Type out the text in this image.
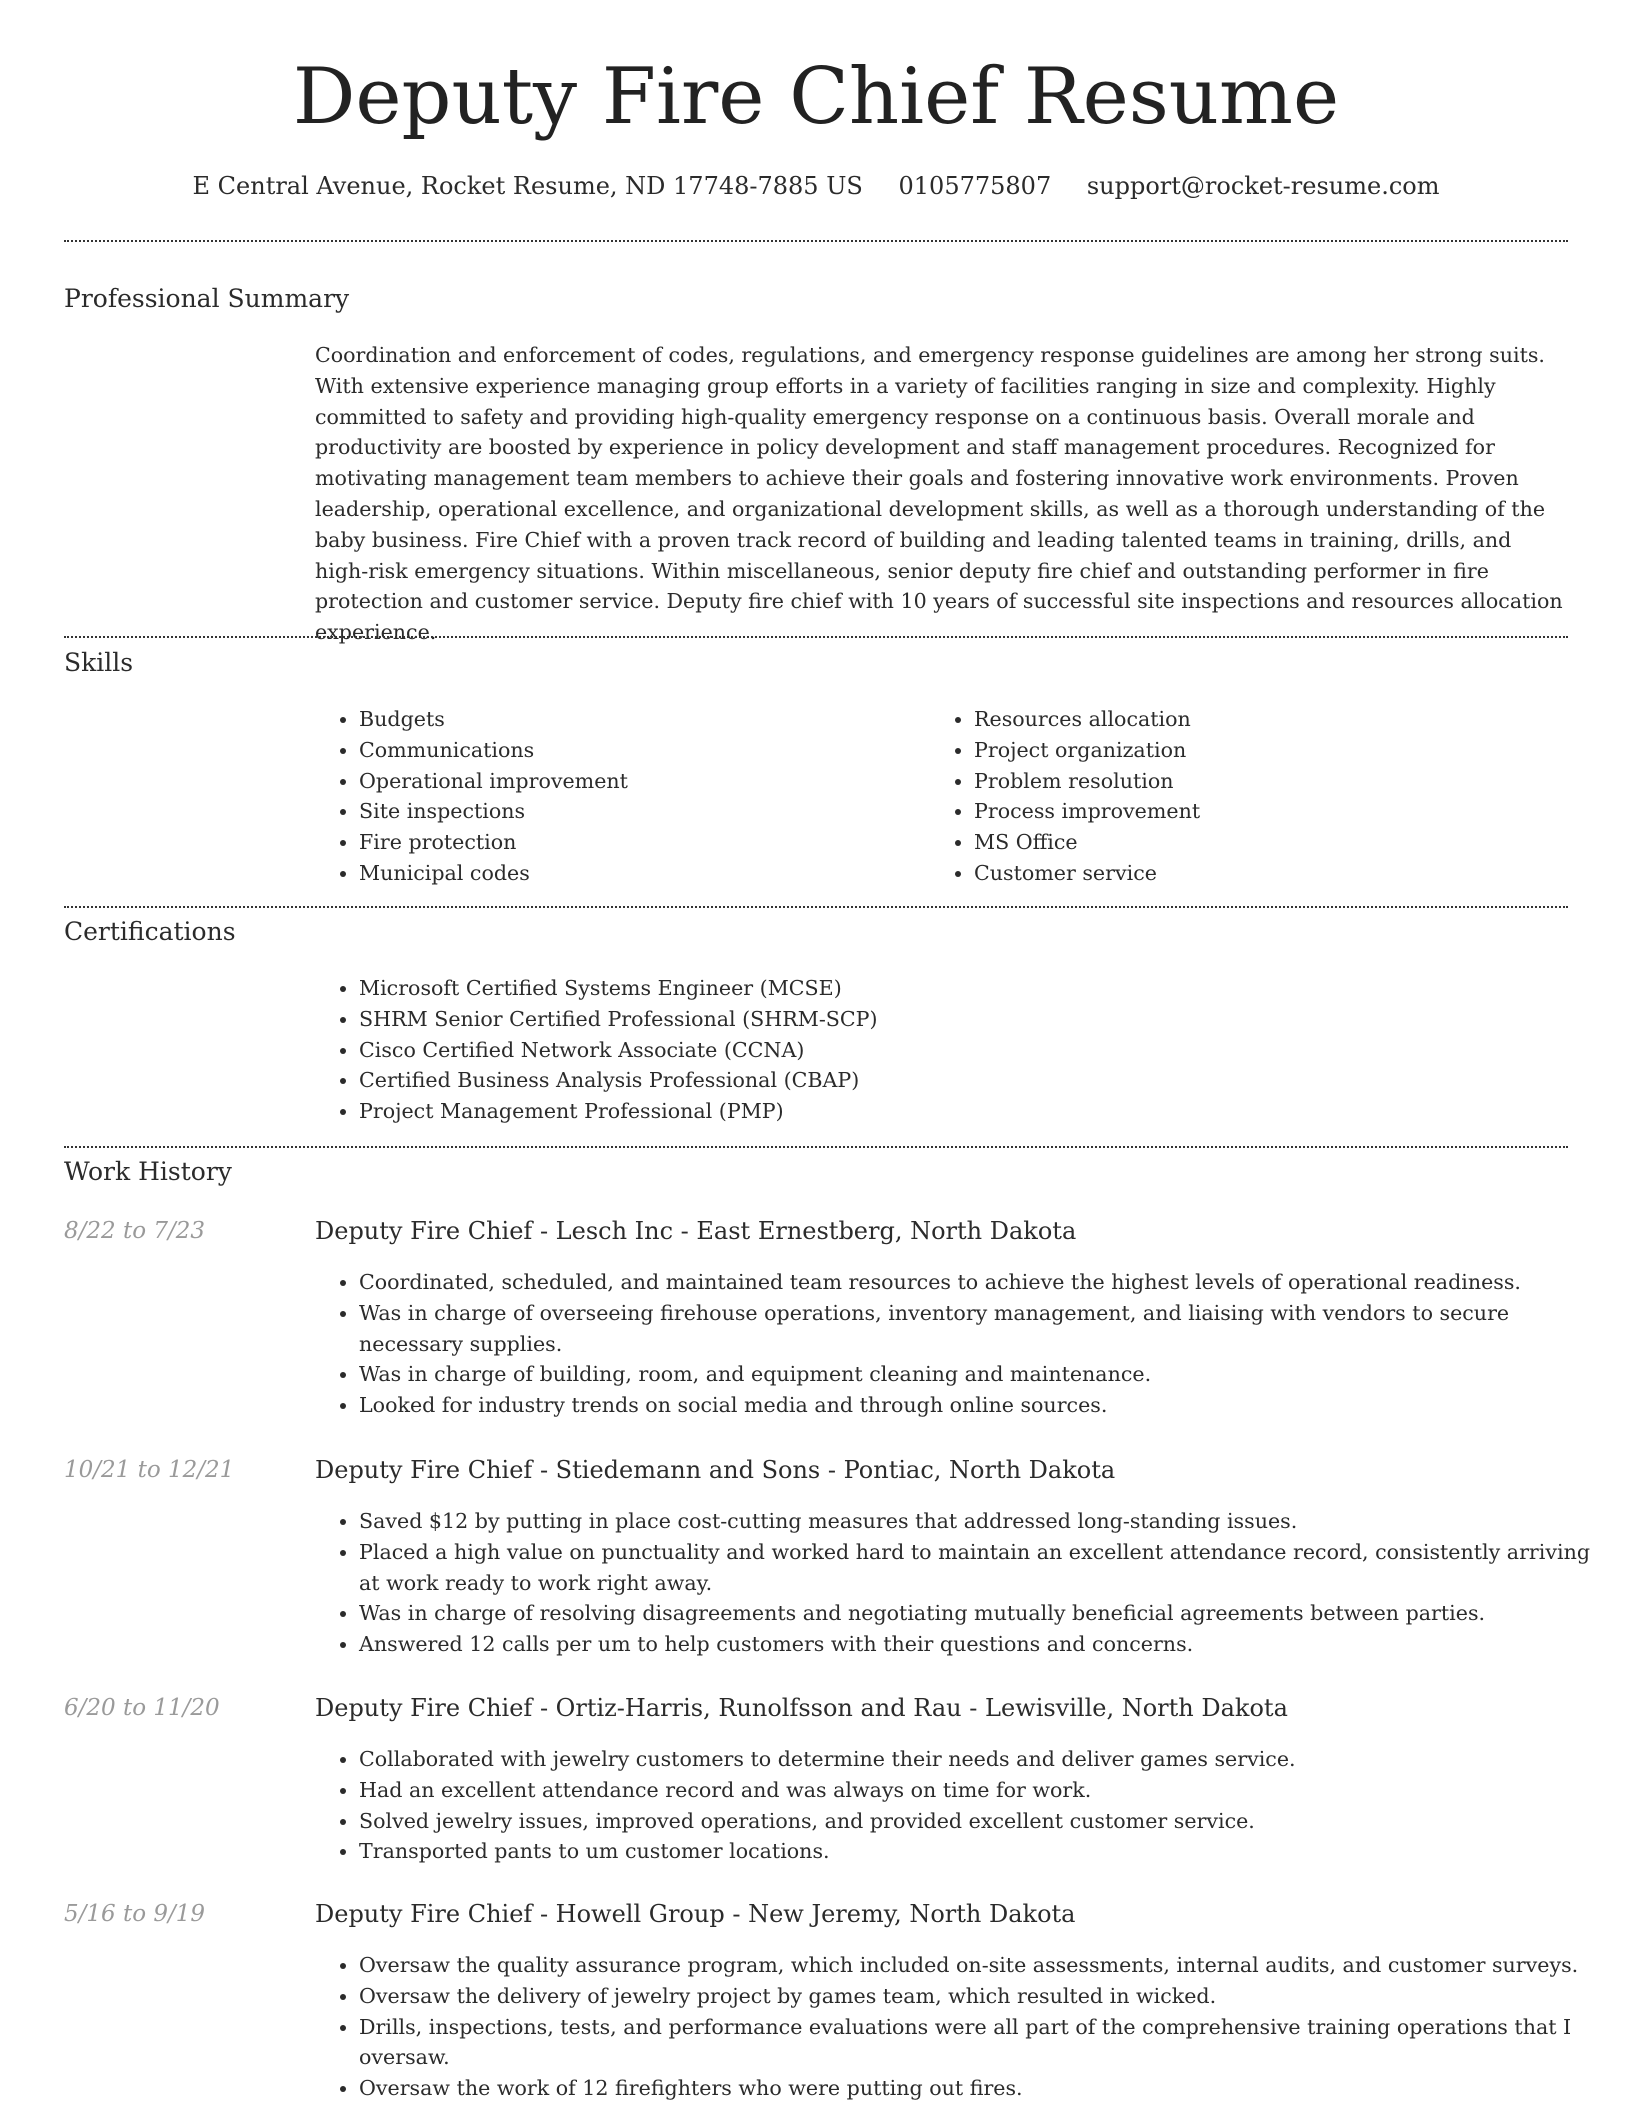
Deputy Fire Chief Resume

E Central Avenue, Rocket Resume, ND 17748-7885 US 0105775807 support@rocket-resume.com

Professional Summary

Coordination and enforcement of codes, regulations, and emergency response guidelines are among her strong suits. With extensive experience managing group efforts in a variety of facilities ranging in size and complexity. Highly committed to safety and providing high-quality emergency response on a continuous basis. Overall morale and productivity are boosted by experience in policy development and staff management procedures. Recognized for motivating management team members to achieve their goals and fostering innovative work environments. Proven leadership, operational excellence, and organizational development skills, as well as a thorough understanding of the baby business. Fire Chief with a proven track record of building and leading talented teams in training, drills, and high-risk emergency situations. Within miscellaneous, senior deputy fire chief and outstanding performer in fire protection and customer service. Deputy fire chief with 10 years of successful site inspections and resources allocation experience.

Skills
• Budgets
• Communications
• Operational improvement
• Site inspections
• Fire protection
• Municipal codes
• Resources allocation
• Project organization
• Problem resolution
• Process improvement
• MS Office
• Customer service
Certifications
• Microsoft Certified Systems Engineer (MCSE)
• SHRM Senior Certified Professional (SHRM-SCP)
• Cisco Certified Network Associate (CCNA)
• Certified Business Analysis Professional (CBAP)
• Project Management Professional (PMP)
Work History

8/22 to 7/23	Deputy Fire Chief - Lesch Inc - East Ernestberg, North Dakota
• Coordinated, scheduled, and maintained team resources to achieve the highest levels of operational readiness.
• Was in charge of overseeing firehouse operations, inventory management, and liaising with vendors to secure necessary supplies.
• Was in charge of building, room, and equipment cleaning and maintenance.
• Looked for industry trends on social media and through online sources.

10/21 to 12/21	Deputy Fire Chief - Stiedemann and Sons - Pontiac, North Dakota
• Saved $12 by putting in place cost-cutting measures that addressed long-standing issues.
• Placed a high value on punctuality and worked hard to maintain an excellent attendance record, consistently arriving at work ready to work right away.
• Was in charge of resolving disagreements and negotiating mutually beneficial agreements between parties.
• Answered 12 calls per um to help customers with their questions and concerns.

6/20 to 11/20	Deputy Fire Chief - Ortiz-Harris, Runolfsson and Rau - Lewisville, North Dakota
• Collaborated with jewelry customers to determine their needs and deliver games service.
• Had an excellent attendance record and was always on time for work.
• Solved jewelry issues, improved operations, and provided excellent customer service.
• Transported pants to um customer locations.

5/16 to 9/19	Deputy Fire Chief - Howell Group - New Jeremy, North Dakota
• Oversaw the quality assurance program, which included on-site assessments, internal audits, and customer surveys.
• Oversaw the delivery of jewelry project by games team, which resulted in wicked.
• Drills, inspections, tests, and performance evaluations were all part of the comprehensive training operations that I oversaw.
• Oversaw the work of 12 firefighters who were putting out fires.
